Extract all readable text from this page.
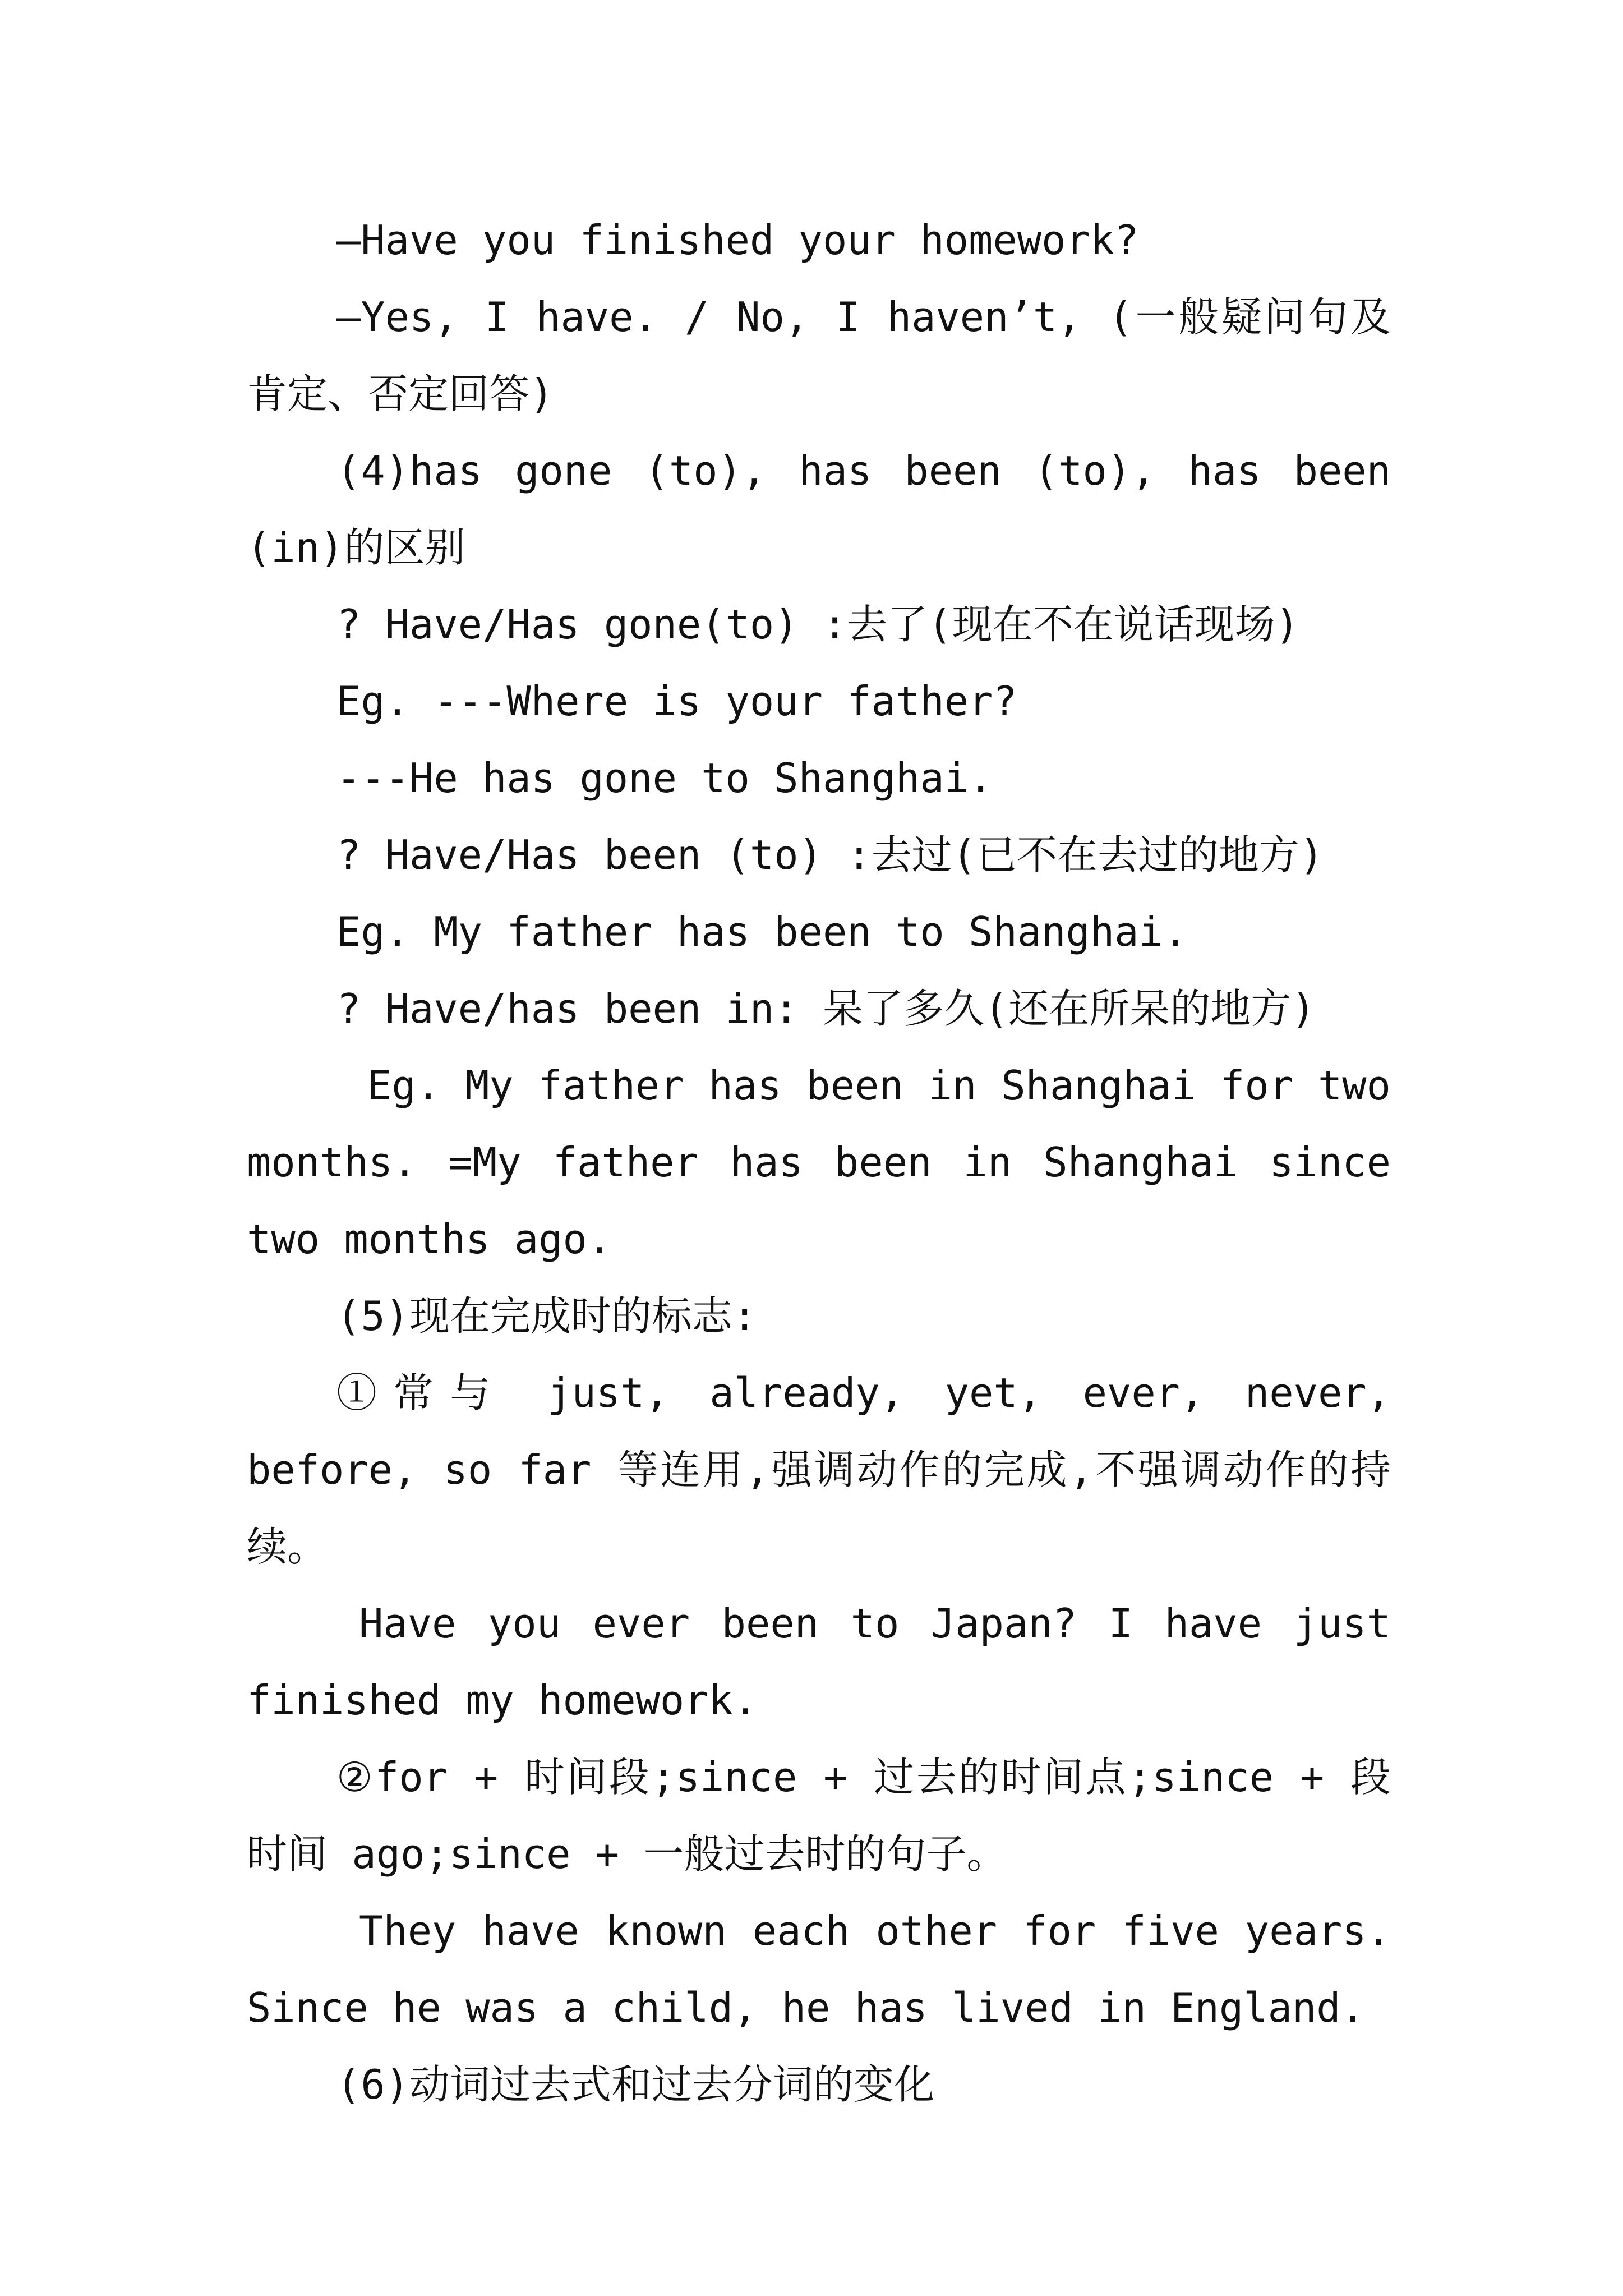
—Have you finished your homework?

—Yes, I have. / No, I haven’t, (一般疑问句及肯定、否定回答)

(4)has gone (to), has been (to), has been (in)的区别

? Have/Has gone(to) :去了(现在不在说话现场)

Eg. ---Where is your father?

---He has gone to Shanghai.

? Have/Has been (to) :去过(已不在去过的地方)

Eg. My father has been to Shanghai.

? Have/has been in: 呆了多久(还在所呆的地方)

Eg. My father has been in Shanghai for two months. =My father has been in Shanghai since two months ago.

(5)现在完成时的标志:

①常与 just, already, yet, ever, never, before, so far 等连用,强调动作的完成,不强调动作的持续。

Have you ever been to Japan? I have just finished my homework.

②for + 时间段;since + 过去的时间点;since + 段时间 ago;since + 一般过去时的句子。

They have known each other for five years. Since he was a child, he has lived in England.

(6)动词过去式和过去分词的变化
